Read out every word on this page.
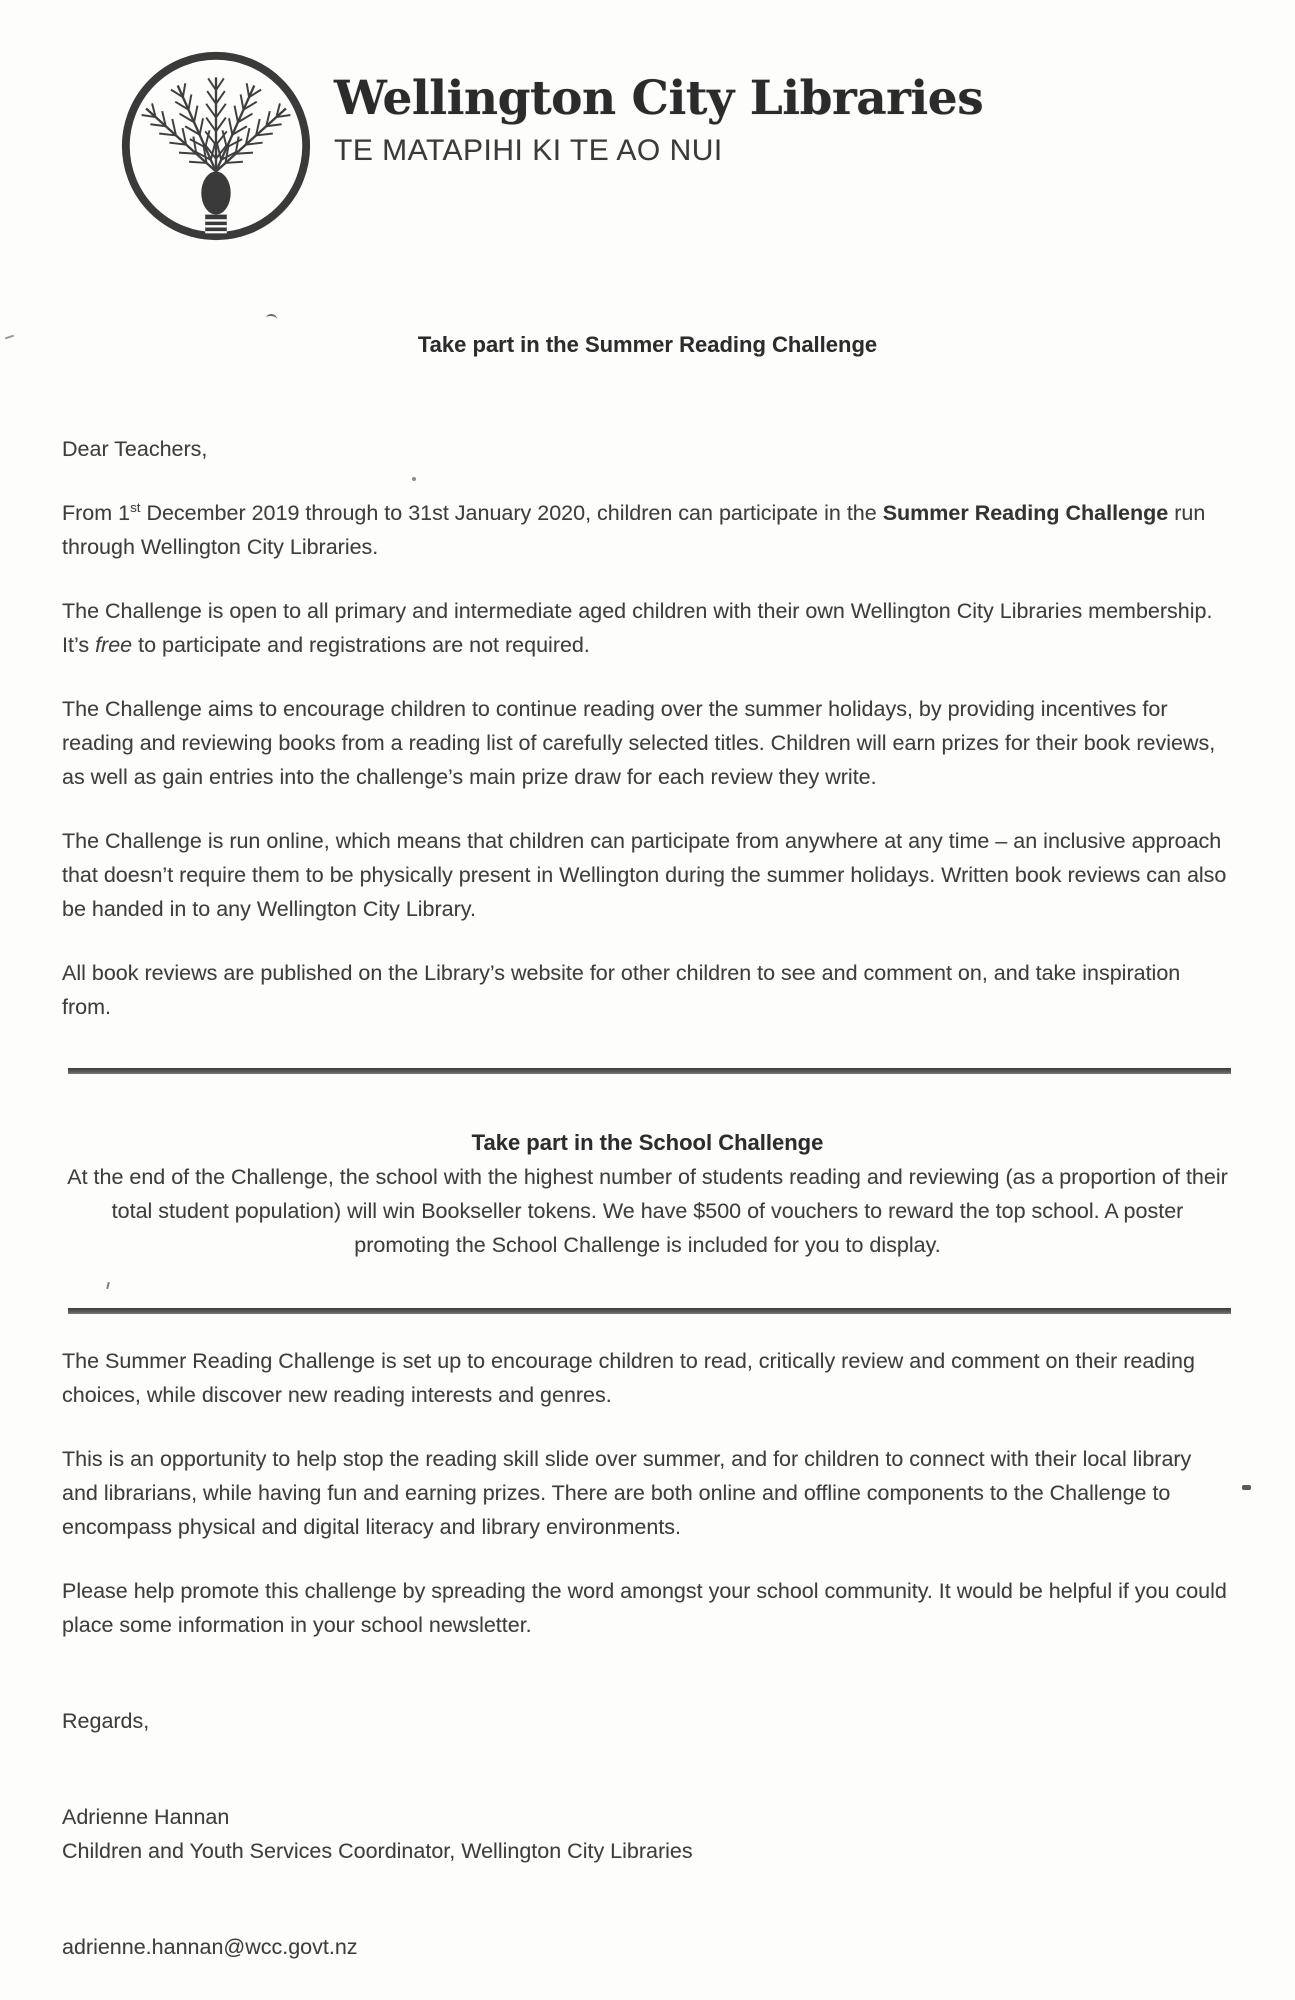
Wellington City Libraries
TE MATAPIHI KI TE AO NUI
Take part in the Summer Reading Challenge

Dear Teachers,

From 1st December 2019 through to 31st January 2020, children can participate in the Summer Reading Challenge run through Wellington City Libraries.

The Challenge is open to all primary and intermediate aged children with their own Wellington City Libraries membership. It’s free to participate and registrations are not required.

The Challenge aims to encourage children to continue reading over the summer holidays, by providing incentives for reading and reviewing books from a reading list of carefully selected titles. Children will earn prizes for their book reviews, as well as gain entries into the challenge’s main prize draw for each review they write.

The Challenge is run online, which means that children can participate from anywhere at any time – an inclusive approach that doesn’t require them to be physically present in Wellington during the summer holidays. Written book reviews can also be handed in to any Wellington City Library.

All book reviews are published on the Library’s website for other children to see and comment on, and take inspiration from.

Take part in the School Challenge

At the end of the Challenge, the school with the highest number of students reading and reviewing (as a proportion of their total student population) will win Bookseller tokens. We have $500 of vouchers to reward the top school. A poster promoting the School Challenge is included for you to display.

The Summer Reading Challenge is set up to encourage children to read, critically review and comment on their reading choices, while discover new reading interests and genres.

This is an opportunity to help stop the reading skill slide over summer, and for children to connect with their local library and librarians, while having fun and earning prizes. There are both online and offline components to the Challenge to encompass physical and digital literacy and library environments.

Please help promote this challenge by spreading the word amongst your school community. It would be helpful if you could place some information in your school newsletter.

Regards,

Adrienne Hannan
Children and Youth Services Coordinator, Wellington City Libraries

adrienne.hannan@wcc.govt.nz
